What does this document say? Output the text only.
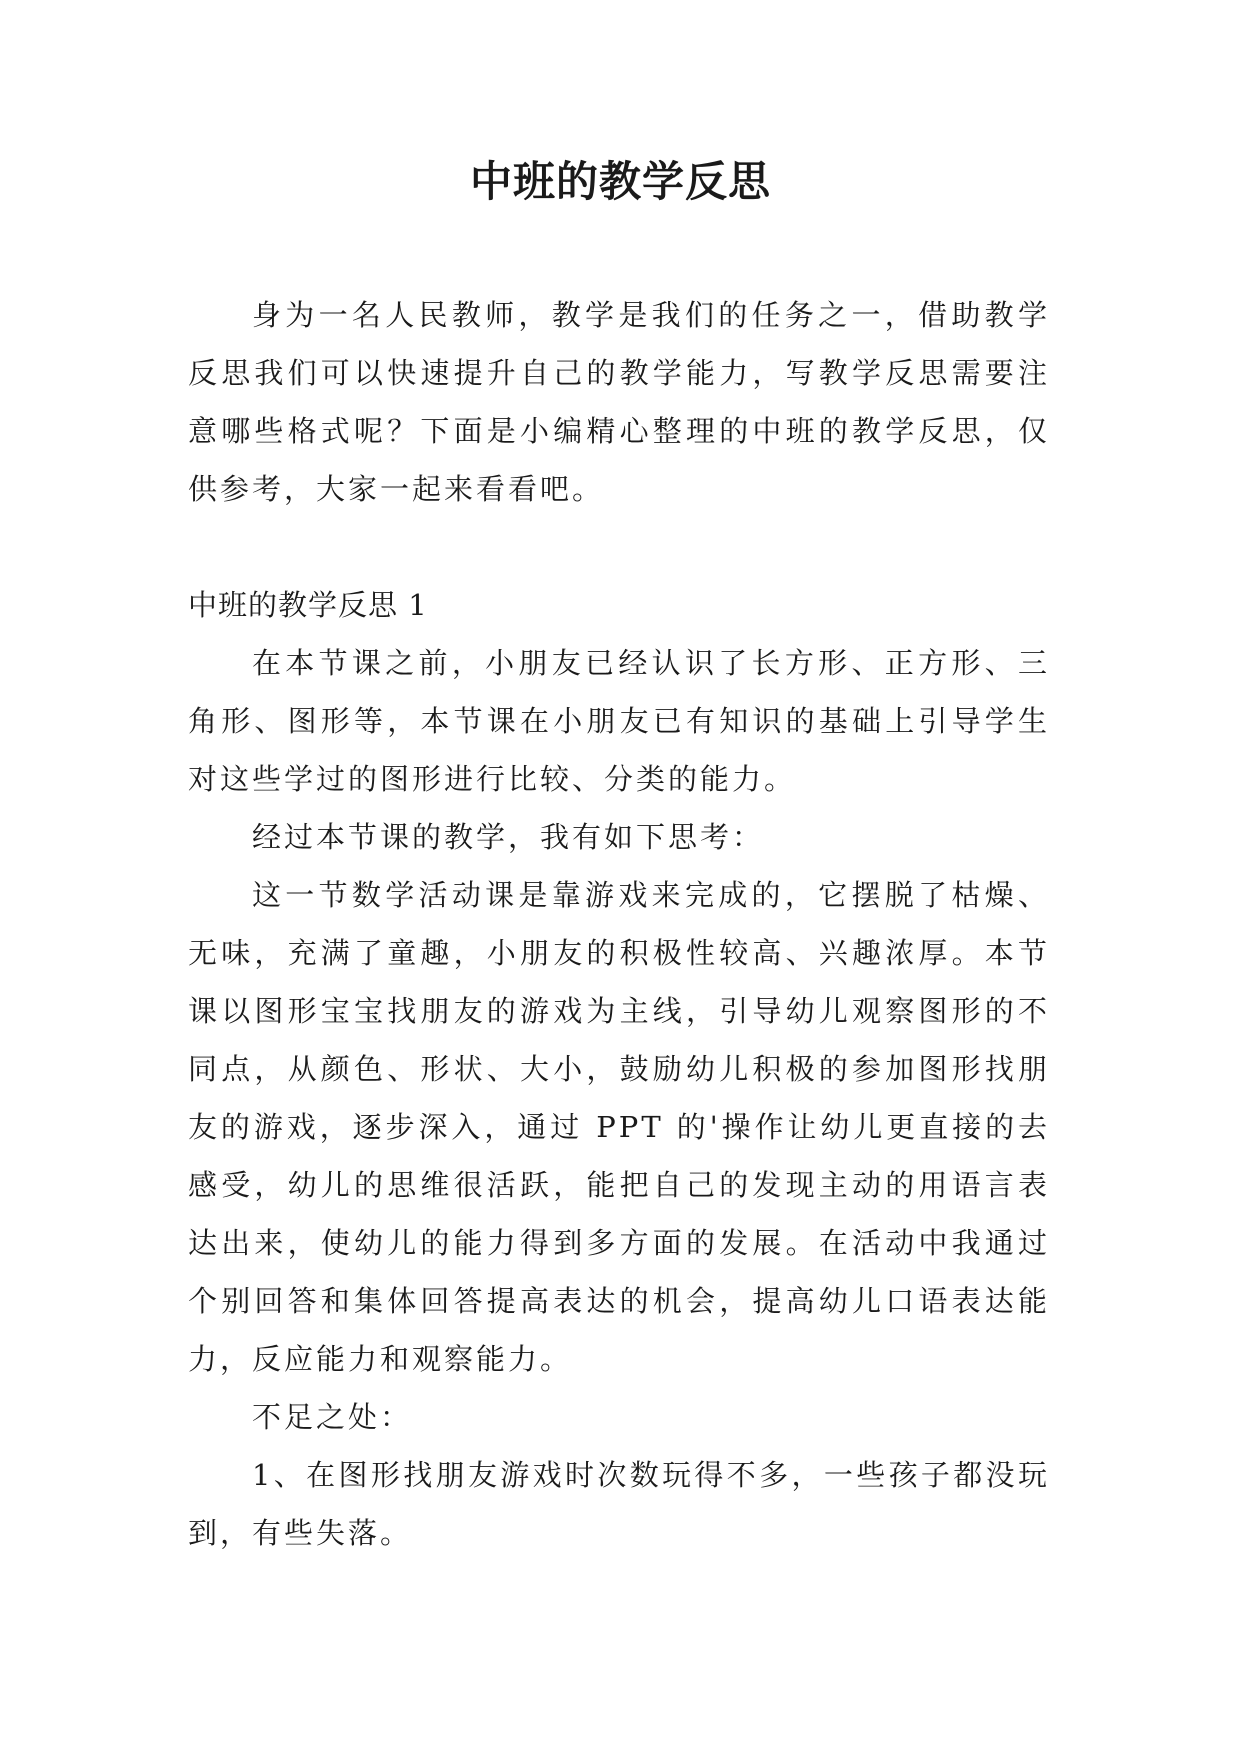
中班的教学反思

身为一名人民教师，教学是我们的任务之一，借助教学反思我们可以快速提升自己的教学能力，写教学反思需要注意哪些格式呢？下面是小编精心整理的中班的教学反思，仅供参考，大家一起来看看吧。

中班的教学反思 1

在本节课之前，小朋友已经认识了长方形、正方形、三角形、图形等，本节课在小朋友已有知识的基础上引导学生对这些学过的图形进行比较、分类的能力。

经过本节课的教学，我有如下思考：

这一节数学活动课是靠游戏来完成的，它摆脱了枯燥、无味，充满了童趣，小朋友的积极性较高、兴趣浓厚。本节课以图形宝宝找朋友的游戏为主线，引导幼儿观察图形的不同点，从颜色、形状、大小，鼓励幼儿积极的参加图形找朋友的游戏，逐步深入，通过 PPT 的'操作让幼儿更直接的去感受，幼儿的思维很活跃，能把自己的发现主动的用语言表达出来，使幼儿的能力得到多方面的发展。在活动中我通过个别回答和集体回答提高表达的机会，提高幼儿口语表达能力，反应能力和观察能力。

不足之处：

1、在图形找朋友游戏时次数玩得不多，一些孩子都没玩到，有些失落。
